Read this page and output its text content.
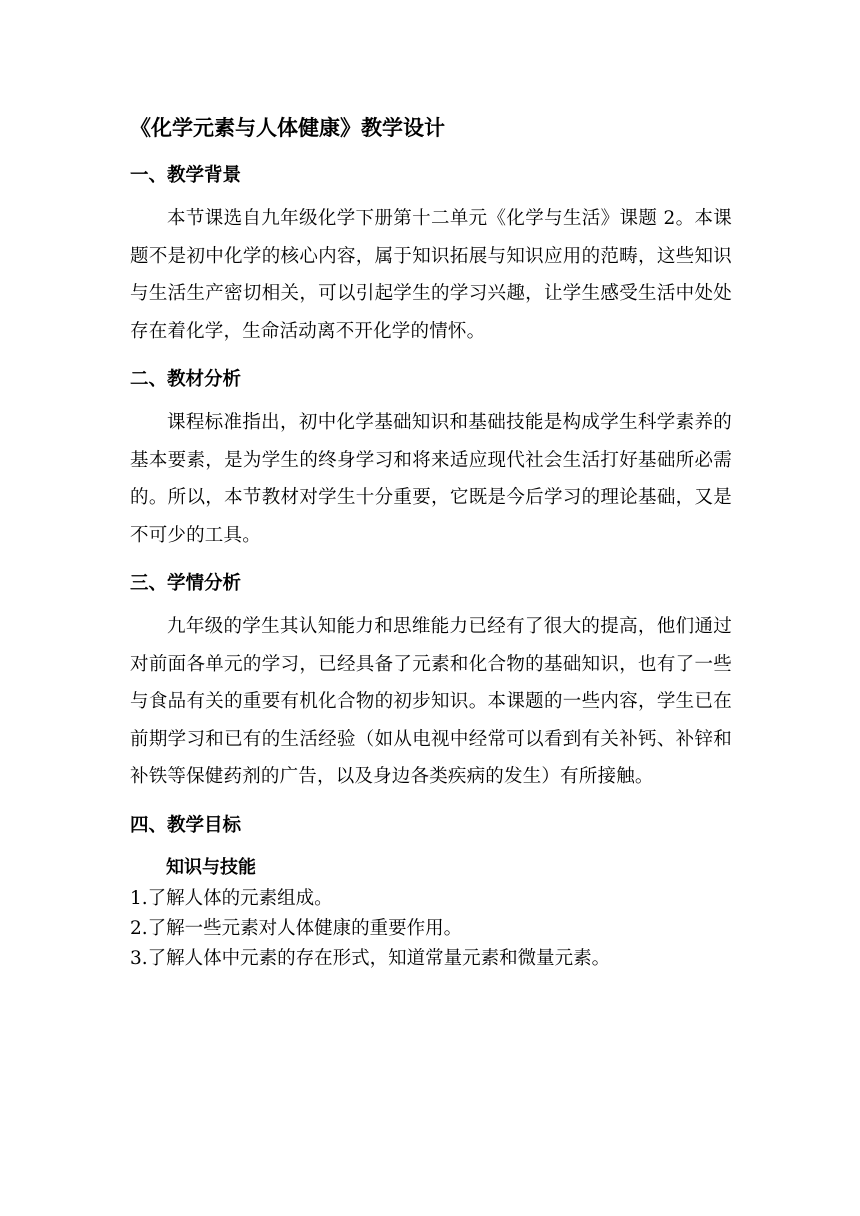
《化学元素与人体健康》教学设计
一、教学背景

本节课选自九年级化学下册第十二单元《化学与生活》课题 2。本课题不是初中化学的核心内容，属于知识拓展与知识应用的范畴，这些知识与生活生产密切相关，可以引起学生的学习兴趣，让学生感受生活中处处存在着化学，生命活动离不开化学的情怀。

二、教材分析

课程标准指出，初中化学基础知识和基础技能是构成学生科学素养的基本要素，是为学生的终身学习和将来适应现代社会生活打好基础所必需的。所以，本节教材对学生十分重要，它既是今后学习的理论基础，又是不可少的工具。

三、学情分析

九年级的学生其认知能力和思维能力已经有了很大的提高，他们通过对前面各单元的学习，已经具备了元素和化合物的基础知识，也有了一些与食品有关的重要有机化合物的初步知识。本课题的一些内容，学生已在前期学习和已有的生活经验（如从电视中经常可以看到有关补钙、补锌和补铁等保健药剂的广告，以及身边各类疾病的发生）有所接触。

四、教学目标
知识与技能
1.了解人体的元素组成。
2.了解一些元素对人体健康的重要作用。
3.了解人体中元素的存在形式，知道常量元素和微量元素。
